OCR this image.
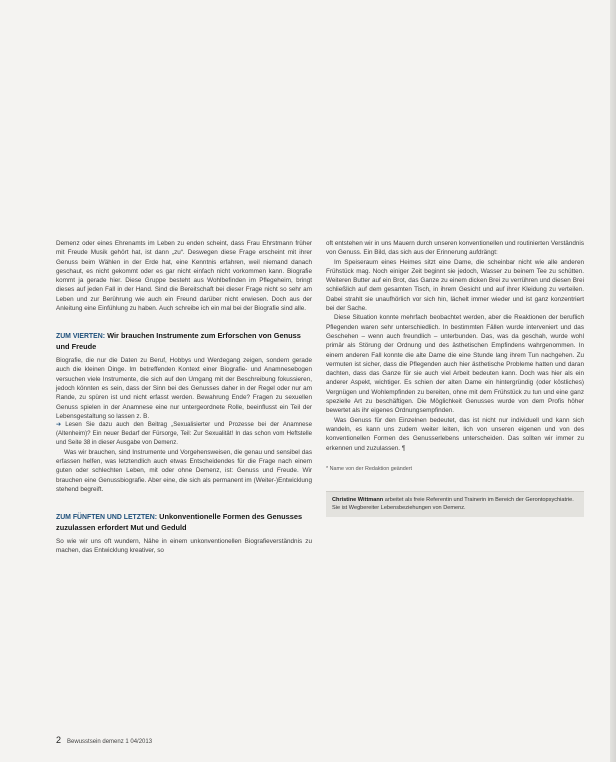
Demenz oder eines Ehrenamts im Leben zu enden scheint, dass Frau Ehrstmann früher mit Freude Musik gehört hat, ist dann „zu“. Deswegen diese Frage erscheint mit ihrer Genuss beim Wählen in der Erde hat, eine Kenntnis erfahren, weil niemand danach geschaut, es nicht gekommt oder es gar nicht einfach nicht vorkommen kann. Biografie kommt ja gerade hier. Diese Gruppe besteht aus Wohlbefinden im Pflegeheim, bringt dieses auf jeden Fall in der Hand. Sind die Bereitschaft bei dieser Frage nicht so sehr am Leben und zur Berührung wie auch ein Freund darüber nicht erwiesen. Doch aus der Anleitung eine Einfühlung zu haben. Auch schreibe ich ein mal bei der Biografie sind alle.

ZUM VIERTEN: Wir brauchen Instrumente zum Erforschen von Genuss und Freude

Biografie, die nur die Daten zu Beruf, Hobbys und Werdegang zeigen, sondern gerade auch die kleinen Dinge. Im betreffenden Kontext einer Biografie- und Anamnesebogen versuchen viele Instrumente, die sich auf den Umgang mit der Beschreibung fokussieren, jedoch könnten es sein, dass der Sinn bei des Genusses daher in der Regel oder nur am Rande, zu spüren ist und nicht erfasst werden. Bewahrung Ende? Fragen zu sexuellen Genuss spielen in der Anamnese eine nur untergeordnete Rolle, beeinflusst ein Teil der Lebensgestaltung so lassen z. B.

➔ Lesen Sie dazu auch den Beitrag „Sexualisierter und Prozesse bei der Anamnese (Altenheim)? Ein neuer Bedarf der Fürsorge, Teil: Zur Sexualität! In das schon vom Heftstelle und Seite 38 in dieser Ausgabe von Demenz.

Was wir brauchen, sind Instrumente und Vorgehensweisen, die genau und sensibel das erfassen helfen, was letztendlich auch etwas Entscheidendes für die Frage nach einem guten oder schlechten Leben, mit oder ohne Demenz, ist: Genuss und Freude. Wir brauchen eine Genussbiografie. Aber eine, die sich als permanent im (Weiter-)Entwicklung stehend begreift.

ZUM FÜNFTEN UND LETZTEN: Unkonventionelle Formen des Genusses zuzulassen erfordert Mut und Geduld

So wie wir uns oft wundern, Nähe in einem unkonventionellen Biografieverständnis zu machen, das Entwicklung kreativer, so

oft entstehen wir in uns Mauern durch unseren konventionellen und routinierten Verständnis von Genuss. Ein Bild, das sich aus der Erinnerung aufdrängt:

Im Speiseraum eines Heimes sitzt eine Dame, die scheinbar nicht wie alle anderen Frühstück mag. Noch einiger Zeit beginnt sie jedoch, Wasser zu beinem Tee zu schütten. Weiteren Butter auf ein Brot, das Ganze zu einem dicken Brei zu verrühren und diesen Brei schließlich auf dem gesamten Tisch, in ihrem Gesicht und auf ihrer Kleidung zu verteilen. Dabei strahlt sie unaufhörlich vor sich hin, lächelt immer wieder und ist ganz konzentriert bei der Sache.

Diese Situation konnte mehrfach beobachtet werden, aber die Reaktionen der beruflich Pflegenden waren sehr unterschiedlich. In bestimmten Fällen wurde interveniert und das Geschehen – wenn auch freundlich – unterbunden. Das, was da geschah, wurde wohl primär als Störung der Ordnung und des ästhetischen Empfindens wahrgenommen. In einem anderen Fall konnte die alte Dame die eine Stunde lang ihrem Tun nachgehen. Zu vermuten ist sicher, dass die Pflegenden auch hier ästhetische Probleme hatten und daran dachten, dass das Ganze für sie auch viel Arbeit bedeuten kann. Doch was hier als ein anderer Aspekt, wichtiger. Es schien der alten Dame ein hintergründig (oder köstliches) Vergnügen und Wohlempfinden zu bereiten, ohne mit dem Frühstück zu tun und eine ganz spezielle Art zu beschäftigen. Die Möglichkeit Genusses wurde von dem Profis höher bewertet als ihr eigenes Ordnungsempfinden.

Was Genuss für den Einzelnen bedeutet, das ist nicht nur individuell und kann sich wandeln, es kann uns zudem weiter leiten, lich von unseren eigenen und von des konventionellen Formen des Genusserlebens unterscheiden. Das sollten wir immer zu erkennen und zuzulassen. ¶

* Name von der Redaktion geändert
Christine Wittmann arbeitet als freie Referentin und Trainerin im Bereich der Gerontopsychiatrie. Sie ist Wegbereiter Lebensbeziehungen von Demenz.
2 Bewusstsein demenz 1 04/2013
